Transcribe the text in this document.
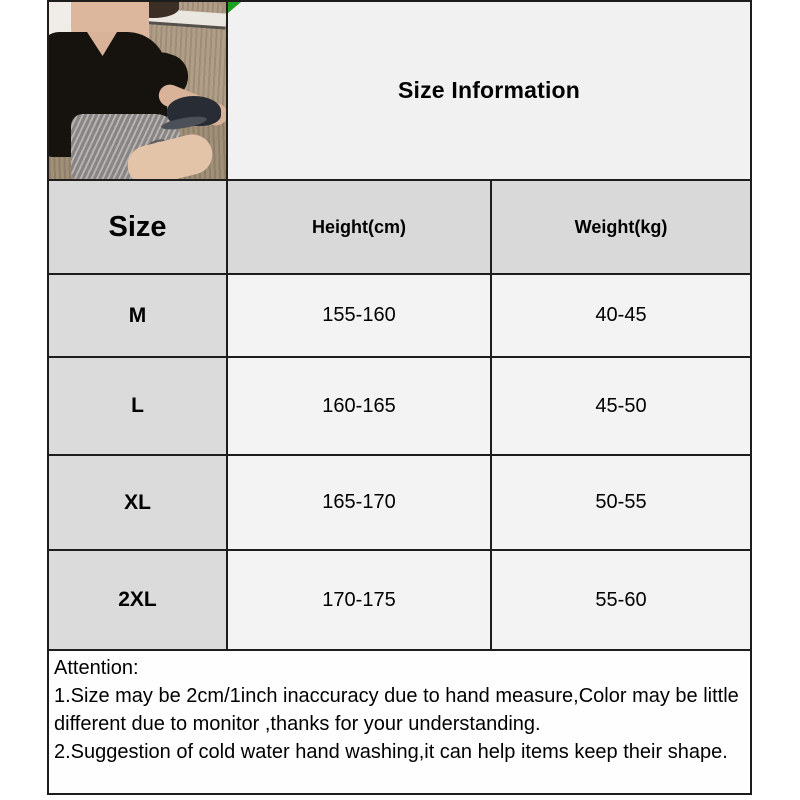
Size Information
Size	Height(cm)	Weight(kg)
M	155-160	40-45
L	160-165	45-50
XL	165-170	50-55
2XL	170-175	55-60

Attention:

1.Size may be 2cm/1inch inaccuracy due to hand measure,Color may be little different due to monitor ,thanks for your understanding.

2.Suggestion of cold water hand washing,it can help items keep their shape.
